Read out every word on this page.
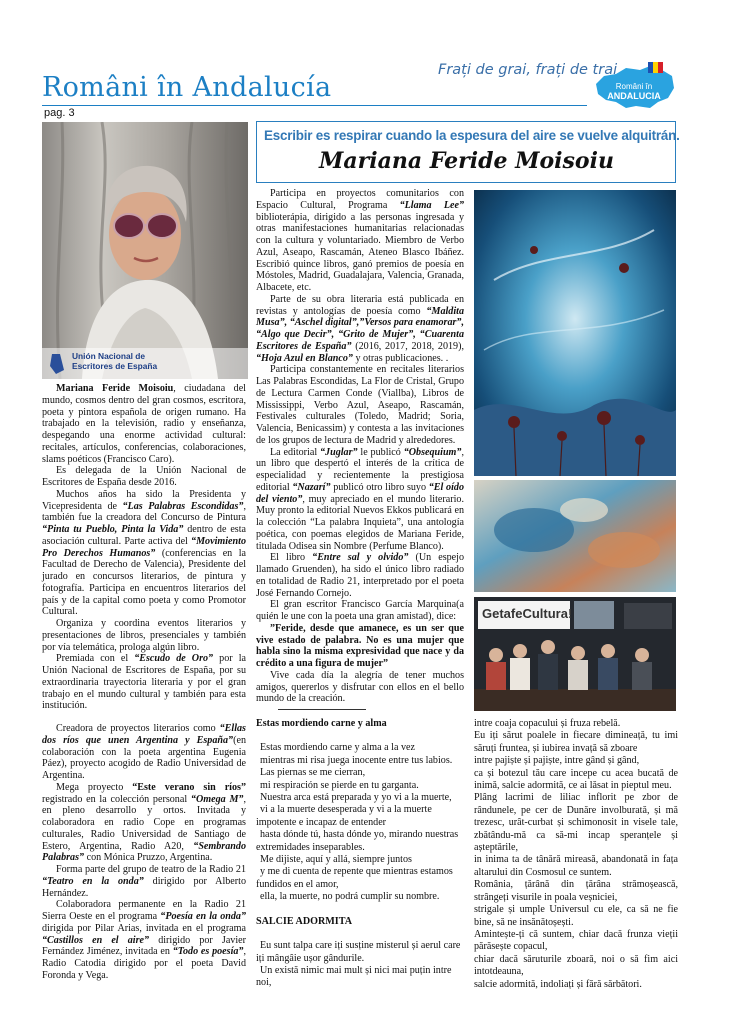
Români în Andalucía
Frați de grai, frați de trai
pag. 3
Români în
ANDALUCIA
Escribir es respirar cuando la espesura del aire se vuelve alquitrán.
Mariana Feride Moisoiu
Unión Nacional de
Escritores de España

Mariana Feride Moisoiu, ciudadana del mundo, cosmos dentro del gran cosmos, escritora, poeta y pintora española de origen rumano. Ha trabajado en la televisión, radio y enseñanza, despegando una enorme actividad cultural: recitales, artículos, conferencias, colaboraciones, slams poéticos (Francisco Caro).

Es delegada de la Unión Nacional de Escritores de España desde 2016.

Muchos años ha sido la Presidenta y Vicepresidenta de “Las Palabras Escondidas”, también fue la creadora del Concurso de Pintura “Pinta tu Pueblo, Pinta la Vida” dentro de esta asociación cultural. Parte activa del “Movimiento Pro Derechos Humanos” (conferencias en la Facultad de Derecho de Valencia), Presidente del jurado en concursos literarios, de pintura y fotografía. Participa en encuentros literarios del país y de la capital como poeta y como Promotor Cultural.

Organiza y coordina eventos literarios y presentaciones de libros, presenciales y también por vía telemática, prologa algún libro.

Premiada con el “Escudo de Oro” por la Unión Nacional de Escritores de España, por su extraordinaria trayectoria literaria y por el gran trabajo en el mundo cultural y también para esta institución.

Creadora de proyectos literarios como “Ellas dos ríos que unen Argentina y España”(en colaboración con la poeta argentina Eugenia Páez), proyecto acogido de Radio Universidad de Argentina.

Mega proyecto “Este verano sin ríos” registrado en la colección personal “Omega M”, en pleno desarrollo y ortos. Invitada y colaboradora en radio Cope en programas culturales, Radio Universidad de Santiago de Estero, Argentina, Radio A20, “Sembrando Palabras” con Mónica Pruzzo, Argentina.

Forma parte del grupo de teatro de la Radio 21 “Teatro en la onda” dirigido por Alberto Hernández.

Colaboradora permanente en la Radio 21 Sierra Oeste en el programa “Poesía en la onda” dirigida por Pilar Arias, invitada en el programa “Castillos en el aire” dirigido por Javier Fernández Jiménez, invitada en “Todo es poesía”, Radio Catodia dirigido por el poeta David Foronda y Vega.

Participa en proyectos comunitarios con Espacio Cultural, Programa “Llama Lee” biblioterápia, dirigido a las personas ingresada y otras manifestaciones humanitarias relacionadas con la cultura y voluntariado. Miembro de Verbo Azul, Aseapo, Rascamán, Ateneo Blasco Ibáñez. Escribió quince libros, ganó premios de poesía en Móstoles, Madrid, Guadalajara, Valencia, Granada, Albacete, etc.

Parte de su obra literaria está publicada en revistas y antologías de poesía como “Maldita Musa”, “Aschel digital”,”Versos para enamorar”, “Algo que Decir”, “Grito de Mujer”, “Cuarenta Escritores de España” (2016, 2017, 2018, 2019), “Hoja Azul en Blanco” y otras publicaciones. .

Participa constantemente en recitales literarios Las Palabras Escondidas, La Flor de Cristal, Grupo de Lectura Carmen Conde (Viallba), Libros de Mississippi, Verbo Azul, Aseapo, Rascamán, Festivales culturales (Toledo, Madrid; Soria, Valencia, Benicassim) y contesta a las invitaciones de los grupos de lectura de Madrid y alrededores.

La editorial “Juglar” le publicó “Obsequium”, un libro que despertó el interés de la crítica de especialidad y recientemente la prestigiosa editorial “Nazarí” publicó otro libro suyo “El oído del viento”, muy apreciado en el mundo literario. Muy pronto la editorial Nuevos Ekkos publicará en la colección “La palabra Inquieta”, una antología poética, con poemas elegidos de Mariana Feride, titulada Odisea sin Nombre (Perfume Blanco).

El libro “Entre sal y olvido” (Un espejo llamado Gruenden), ha sido el único libro radiado en totalidad de Radio 21, interpretado por el poeta José Fernando Cornejo.

El gran escritor Francisco García Marquina(a quién le une con la poeta una gran amistad), dice:

”Feride, desde que amanece, es un ser que vive estado de palabra. No es una mujer que habla sino la misma expresividad que nace y da crédito a una figura de mujer”

Vive cada día la alegría de tener muchos amigos, quererlos y disfrutar con ellos en el bello mundo de la creación.

Estas mordiendo carne y alma

Estas mordiendo carne y alma a la vez

mientras mi risa juega inocente entre tus labios.

Las piernas se me cierran,

mi respiración se pierde en tu garganta.

Nuestra arca está preparada y yo vi a la muerte,

vi a la muerte desesperada y vi a la muerte impotente e incapaz de entender

hasta dónde tú, hasta dónde yo, mirando nuestras extremidades inseparables.

Me dijiste, aquí y allá, siempre juntos

y me di cuenta de repente que mientras estamos fundidos en el amor,

ella, la muerte, no podrá cumplir su nombre.

SALCIE ADORMITA

Eu sunt talpa care iți susține misterul și aerul care iți mângâie ușor gândurile.

Un există nimic mai mult și nici mai puțin intre noi,

intre coaja copacului și fruza rebelă.

Eu iți sărut poalele in fiecare dimineață, tu imi săruți fruntea, și iubirea invață să zboare

intre pajiște și pajiște, intre gând și gând,

ca și botezul tău care incepe cu acea bucată de inimă, salcie adormită, ce ai lăsat in pieptul meu.

Plâng lacrimi de liliac inflorit pe zbor de rândunele, pe cer de Dunăre involburată, și mă trezesc, urât-curbat și schimonosit in visele tale, zbătându-mă ca să-mi incap speranțele și așteptările,

in inima ta de tânără mireasă, abandonată in fața altarului din Cosmosul ce suntem.

România, țărână din țărâna strămoșească, strângeți visurile in poala veșniciei,

strigale și umple Universul cu ele, ca să ne fie bine, să ne insănătoșești.

Amintește-ți că suntem, chiar dacă frunza vieții părăsește copacul,

chiar dacă săruturile zboară, noi o să fim aici intotdeauna,

salcie adormită, indoliați și fără sărbători.

GetafeCultura!
